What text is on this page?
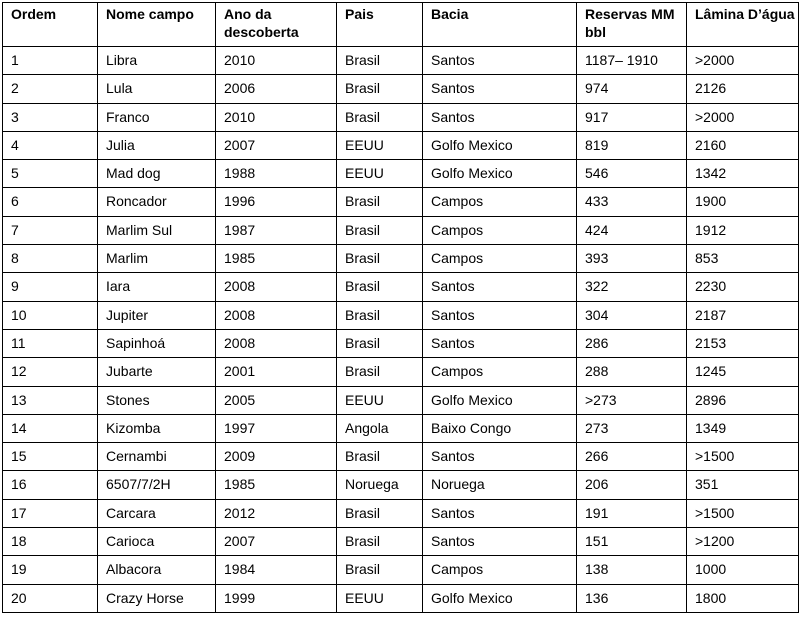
Ordem	Nome campo	Ano da descoberta	Pais	Bacia	Reservas MM bbl	Lâmina D’água
1	Libra	2010	Brasil	Santos	1187– 1910	>2000
2	Lula	2006	Brasil	Santos	974	2126
3	Franco	2010	Brasil	Santos	917	>2000
4	Julia	2007	EEUU	Golfo Mexico	819	2160
5	Mad dog	1988	EEUU	Golfo Mexico	546	1342
6	Roncador	1996	Brasil	Campos	433	1900
7	Marlim Sul	1987	Brasil	Campos	424	1912
8	Marlim	1985	Brasil	Campos	393	853
9	Iara	2008	Brasil	Santos	322	2230
10	Jupiter	2008	Brasil	Santos	304	2187
11	Sapinhoá	2008	Brasil	Santos	286	2153
12	Jubarte	2001	Brasil	Campos	288	1245
13	Stones	2005	EEUU	Golfo Mexico	>273	2896
14	Kizomba	1997	Angola	Baixo Congo	273	1349
15	Cernambi	2009	Brasil	Santos	266	>1500
16	6507/7/2H	1985	Noruega	Noruega	206	351
17	Carcara	2012	Brasil	Santos	191	>1500
18	Carioca	2007	Brasil	Santos	151	>1200
19	Albacora	1984	Brasil	Campos	138	1000
20	Crazy Horse	1999	EEUU	Golfo Mexico	136	1800
